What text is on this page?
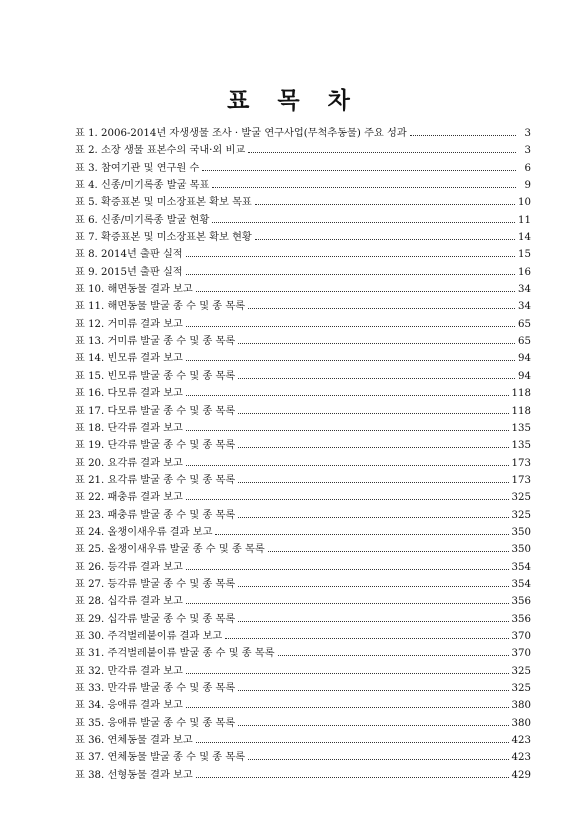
표 목 차
표 1. 2006-2014년 자생생물 조사 · 발굴 연구사업(무척추동물) 주요 성과	3
표 2. 소장 생물 표본수의 국내·외 비교	3
표 3. 참여기관 및 연구원 수	6
표 4. 신종/미기록종 발굴 목표	9
표 5. 확증표본 및 미소장표본 확보 목표	10
표 6. 신종/미기록종 발굴 현황	11
표 7. 확증표본 및 미소장표본 확보 현황	14
표 8. 2014년 출판 실적	15
표 9. 2015년 출판 실적	16
표 10. 해면동물 결과 보고	34
표 11. 해면동물 발굴 종 수 및 종 목록	34
표 12. 거미류 결과 보고	65
표 13. 거미류 발굴 종 수 및 종 목록	65
표 14. 빈모류 결과 보고	94
표 15. 빈모류 발굴 종 수 및 종 목록	94
표 16. 다모류 결과 보고	118
표 17. 다모류 발굴 종 수 및 종 목록	118
표 18. 단각류 결과 보고	135
표 19. 단각류 발굴 종 수 및 종 목록	135
표 20. 요각류 결과 보고	173
표 21. 요각류 발굴 종 수 및 종 목록	173
표 22. 패충류 결과 보고	325
표 23. 패충류 발굴 종 수 및 종 목록	325
표 24. 올챙이새우류 결과 보고	350
표 25. 올챙이새우류 발굴 종 수 및 종 목록	350
표 26. 등각류 결과 보고	354
표 27. 등각류 발굴 종 수 및 종 목록	354
표 28. 십각류 결과 보고	356
표 29. 십각류 발굴 종 수 및 종 목록	356
표 30. 주걱벌레붙이류 결과 보고	370
표 31. 주걱벌레붙이류 발굴 종 수 및 종 목록	370
표 32. 만각류 결과 보고	325
표 33. 만각류 발굴 종 수 및 종 목록	325
표 34. 응애류 결과 보고	380
표 35. 응애류 발굴 종 수 및 종 목록	380
표 36. 연체동물 결과 보고	423
표 37. 연체동물 발굴 종 수 및 종 목록	423
표 38. 선형동물 결과 보고	429
